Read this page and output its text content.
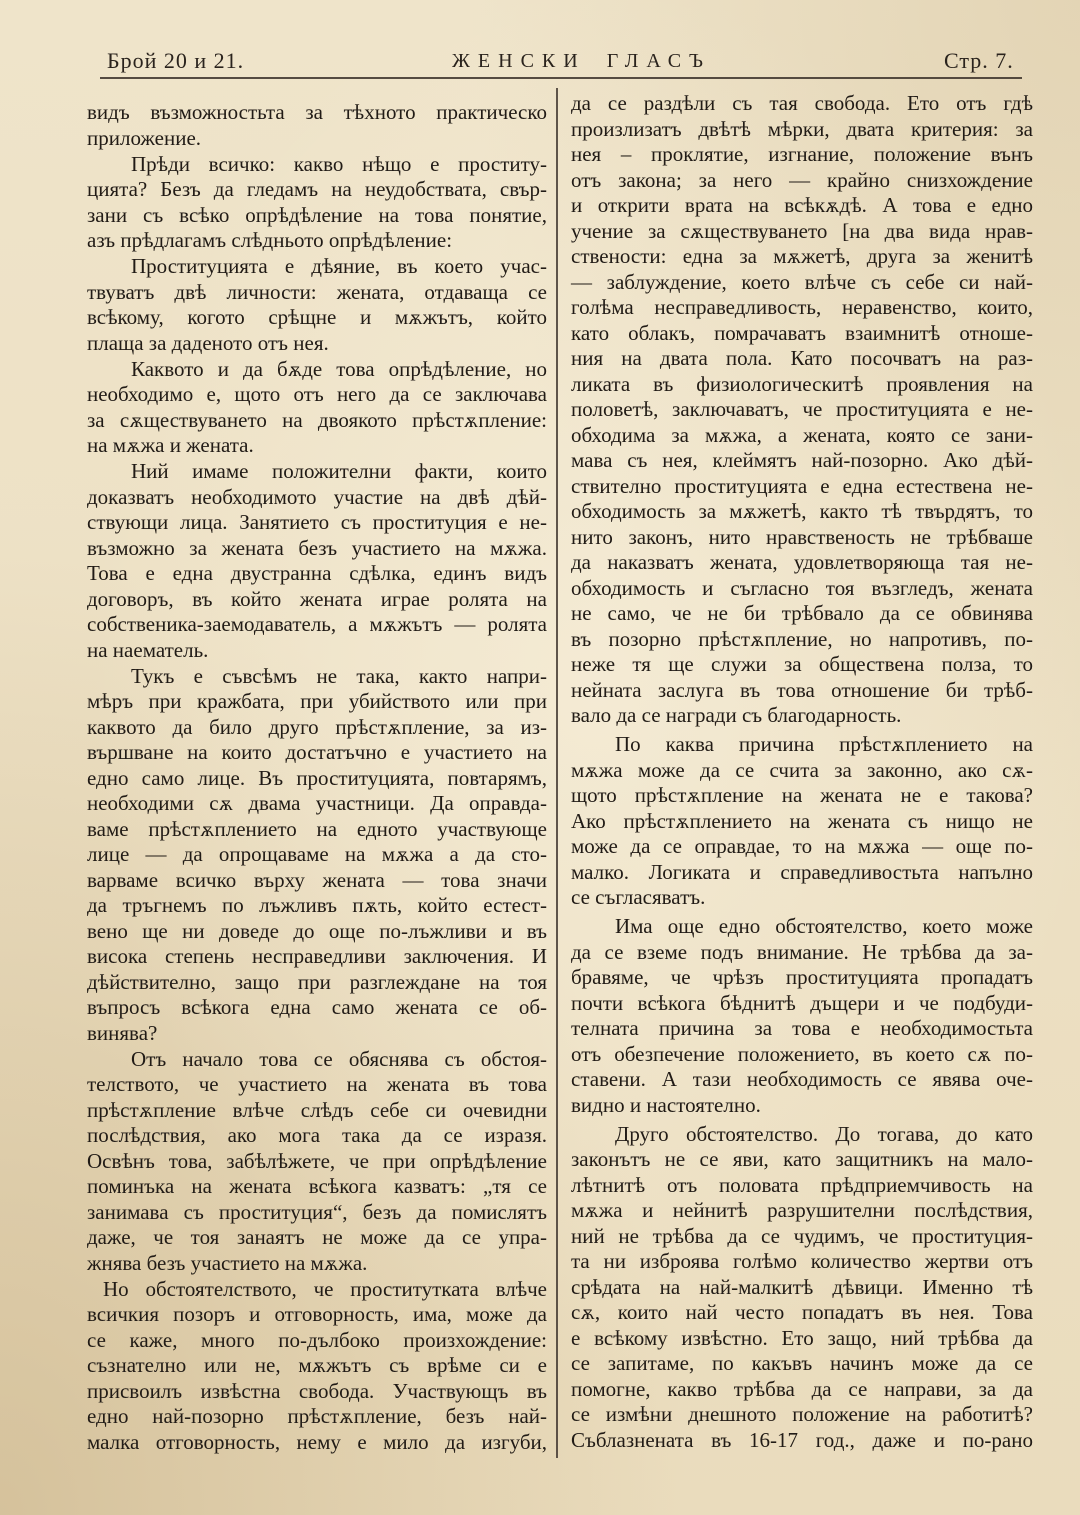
Брой 20 и 21.	ЖЕНСКИ ГЛАСЪ	Стр. 7.
видъ възможностьта за тѣхното практическо
приложение.
Прѣди всичко: какво нѣщо е проститу-
цията? Безъ да гледамъ на неудобствата, свър-
зани съ всѣко опрѣдѣление на това понятие,
азъ прѣдлагамъ слѣдньото опрѣдѣление:
Проституцията е дѣяние, въ което учас-
твуватъ двѣ личности: жената, отдаваща се
всѣкому, когото срѣщне и мѫжътъ, който
плаща за даденото отъ нея.
Каквото и да бѫде това опрѣдѣление, но
необходимо е, щото отъ него да се заключава
за сѫществуването на двоякото прѣстѫпление:
на мѫжа и жената.
Ний имаме положителни факти, които
доказватъ необходимото участие на двѣ дѣй-
ствующи лица. Занятието съ проституция е не-
възможно за жената безъ участието на мѫжа.
Това е една двустранна сдѣлка, единъ видъ
договоръ, въ който жената играе ролята на
собственика-заемодаватель, а мѫжътъ — ролята
на наематель.
Тукъ е съвсѣмъ не така, както напри-
мѣръ при кражбата, при убийството или при
каквото да било друго прѣстѫпление, за из-
вършване на които достатъчно е участието на
едно само лице. Въ проституцията, повтарямъ,
необходими сѫ двама участници. Да оправда-
ваме прѣстѫплението на едното участвующе
лице — да опрощаваме на мѫжа а да сто-
варваме всичко върху жената — това значи
да тръгнемъ по лъжливъ пѫть, който естест-
вено ще ни доведе до още по-лъжливи и въ
висока степень несправедливи заключения. И
дѣйствително, защо при разглеждане на тоя
въпросъ всѣкога една само жената се об-
винява?
Отъ начало това се обяснява съ обстоя-
телството, че участието на жената въ това
прѣстѫпление влѣче слѣдъ себе си очевидни
послѣдствия, ако мога така да се изразя.
Освѣнъ това, забѣлѣжете, че при опрѣдѣление
поминъка на жената всѣкога казватъ: „тя се
занимава съ проституция“, безъ да помислятъ
даже, че тоя занаятъ не може да се упра-
жнява безъ участието на мѫжа.
Но обстоятелството, че проститутката влѣче
всичкия позоръ и отговорность, има, може да
се каже, много по-дълбоко произхождение:
съзнателно или не, мѫжътъ съ врѣме си е
присвоилъ извѣстна свобода. Участвующъ въ
едно най-позорно прѣстѫпление, безъ най-
малка отговорность, нему е мило да изгуби,
да се раздѣли съ тая свобода. Ето отъ гдѣ
произлизатъ двѣтѣ мѣрки, двата критерия: за
нея – проклятие, изгнание, положение вънъ
отъ закона; за него — крайно снизхождение
и открити врата на всѣкѫдѣ. А това е едно
учение за сѫществуването [на два вида нрав-
ствености: една за мѫжетѣ, друга за женитѣ
— заблуждение, което влѣче съ себе си най-
голѣма несправедливость, неравенство, които,
като облакъ, помрачаватъ взаимнитѣ отноше-
ния на двата пола. Като посочватъ на раз-
ликата въ физиологическитѣ проявления на
половетѣ, заключаватъ, че проституцията е не-
обходима за мѫжа, а жената, която се зани-
мава съ нея, клеймятъ най-позорно. Ако дѣй-
ствително проституцията е една естествена не-
обходимость за мѫжетѣ, както тѣ твърдятъ, то
нито законъ, нито нравственость не трѣбваше
да наказватъ жената, удовлетворяюща тая не-
обходимость и съгласно тоя възгледъ, жената
не само, че не би трѣбвало да се обвинява
въ позорно прѣстѫпление, но напротивъ, по-
неже тя ще служи за обществена полза, то
нейната заслуга въ това отношение би трѣб-
вало да се награди съ благодарность.
По каква причина прѣстѫплението на
мѫжа може да се счита за законно, ако сѫ-
щото прѣстѫпление на жената не е такова?
Ако прѣстѫплението на жената съ нищо не
може да се оправдае, то на мѫжа — още по-
малко. Логиката и справедливостьта напълно
се съгласяватъ.
Има още едно обстоятелство, което може
да се вземе подъ внимание. Не трѣбва да за-
бравяме, че чрѣзъ проституцията пропадатъ
почти всѣкога бѣднитѣ дъщери и че подбуди-
телната причина за това е необходимостьта
отъ обезпечение положението, въ което сѫ по-
ставени. А тази необходимость се явява оче-
видно и настоятелно.
Друго обстоятелство. До тогава, до като
законътъ не се яви, като защитникъ на мало-
лѣтнитѣ отъ половата прѣдприемчивость на
мѫжа и нейнитѣ разрушителни послѣдствия,
ний не трѣбва да се чудимъ, че проституция-
та ни изброява голѣмо количество жертви отъ
срѣдата на най-малкитѣ дѣвици. Именно тѣ
сѫ, които най често попадатъ въ нея. Това
е всѣкому извѣстно. Ето защо, ний трѣбва да
се запитаме, по какъвъ начинъ може да се
помогне, какво трѣбва да се направи, за да
се измѣни днешното положение на работитѣ?
Съблазнената въ 16-17 год., даже и по-рано
